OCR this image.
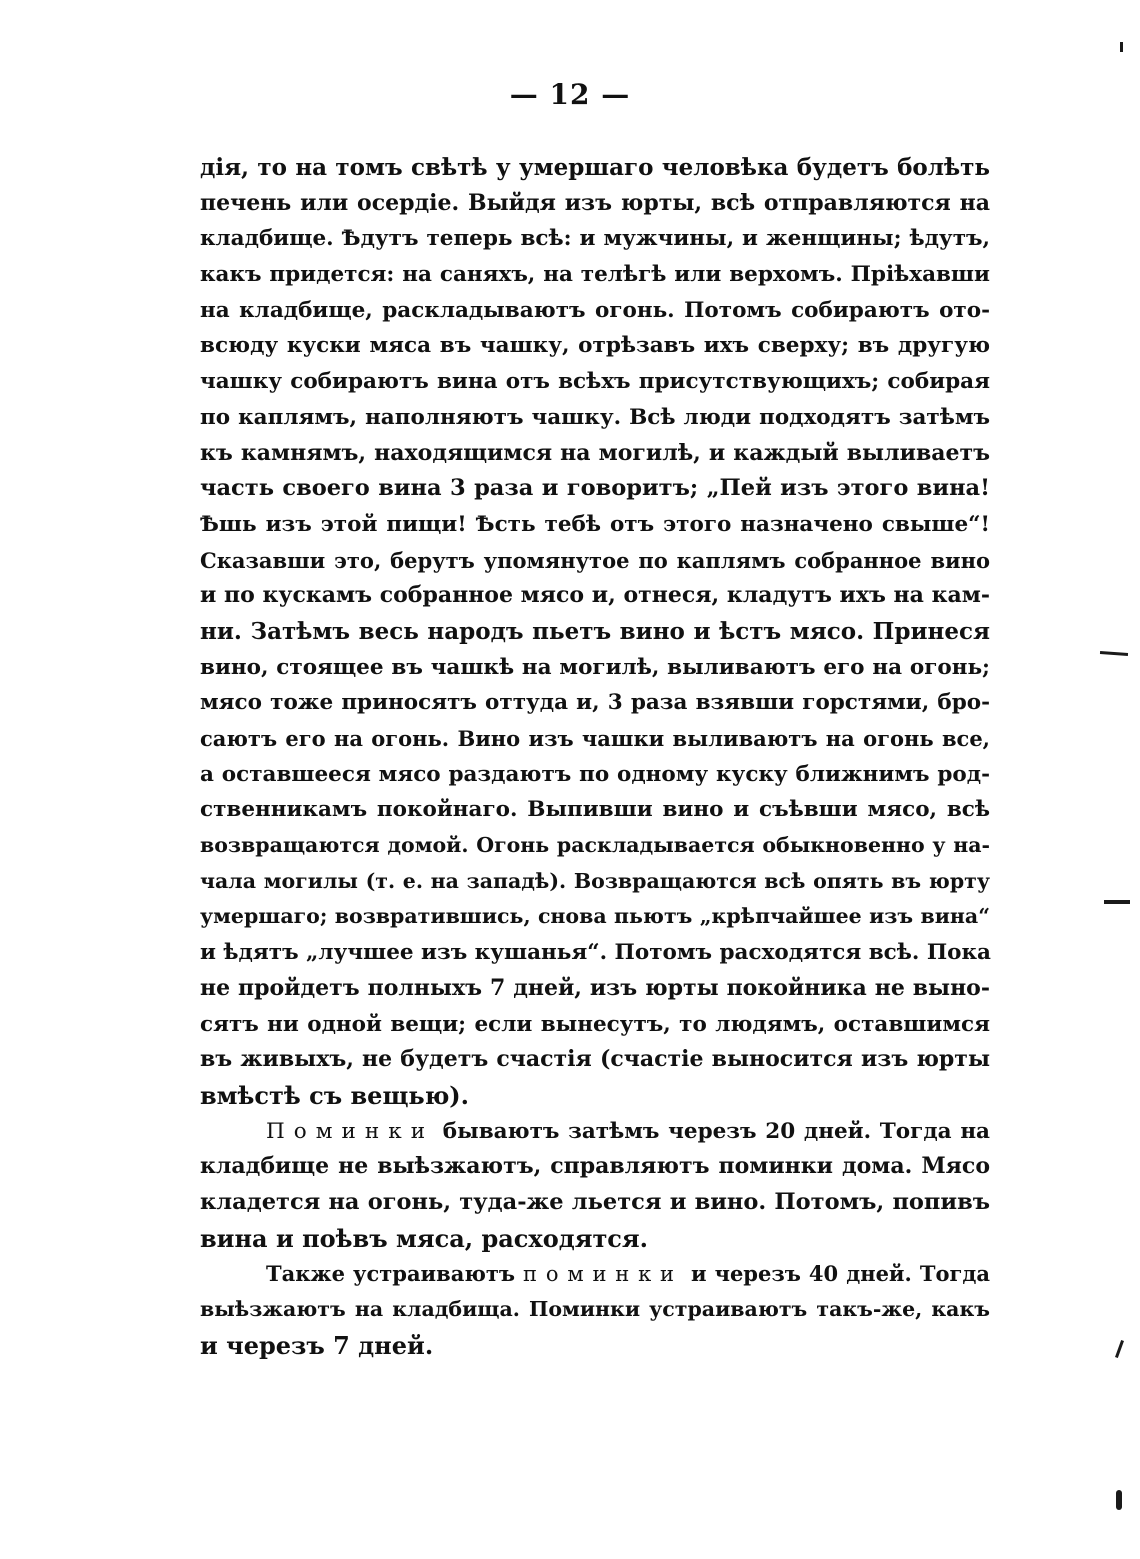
— 12 —
дія, то на томъ свѣтѣ у умершаго человѣка будетъ болѣть
печень или осердіе. Выйдя изъ юрты, всѣ отправляются на
кладбище. Ѣдутъ теперь всѣ: и мужчины, и женщины; ѣдутъ,
какъ придется: на саняхъ, на телѣгѣ или верхомъ. Пріѣхавши
на кладбище, раскладываютъ огонь. Потомъ собираютъ ото-
всюду куски мяса въ чашку, отрѣзавъ ихъ сверху; въ другую
чашку собираютъ вина отъ всѣхъ присутствующихъ; собирая
по каплямъ, наполняютъ чашку. Всѣ люди подходятъ затѣмъ
къ камнямъ, находящимся на могилѣ, и каждый выливаетъ
часть своего вина 3 раза и говоритъ; „Пей изъ этого вина!
Ѣшь изъ этой пищи! Ѣсть тебѣ отъ этого назначено свыше“!
Сказавши это, берутъ упомянутое по каплямъ собранное вино
и по кускамъ собранное мясо и, отнеся, кладутъ ихъ на кам-
ни. Затѣмъ весь народъ пьетъ вино и ѣстъ мясо. Принеся
вино, стоящее въ чашкѣ на могилѣ, выливаютъ его на огонь;
мясо тоже приносятъ оттуда и, 3 раза взявши горстями, бро-
саютъ его на огонь. Вино изъ чашки выливаютъ на огонь все,
а оставшееся мясо раздаютъ по одному куску ближнимъ род-
ственникамъ покойнаго. Выпивши вино и съѣвши мясо, всѣ
возвращаются домой. Огонь раскладывается обыкновенно у на-
чала могилы (т. е. на западѣ). Возвращаются всѣ опять въ юрту
умершаго; возвратившись, снова пьютъ „крѣпчайшее изъ вина“
и ѣдятъ „лучшее изъ кушанья“. Потомъ расходятся всѣ. Пока
не пройдетъ полныхъ 7 дней, изъ юрты покойника не выно-
сятъ ни одной вещи; если вынесутъ, то людямъ, оставшимся
въ живыхъ, не будетъ счастія (счастіе выносится изъ юрты
вмѣстѣ съ вещью).
Поминки бываютъ затѣмъ черезъ 20 дней. Тогда на
кладбище не выѣзжаютъ, справляютъ поминки дома. Мясо
кладется на огонь, туда-же льется и вино. Потомъ, попивъ
вина и поѣвъ мяса, расходятся.
Также устраиваютъ поминки и черезъ 40 дней. Тогда
выѣзжаютъ на кладбища. Поминки устраиваютъ такъ-же, какъ
и черезъ 7 дней.
